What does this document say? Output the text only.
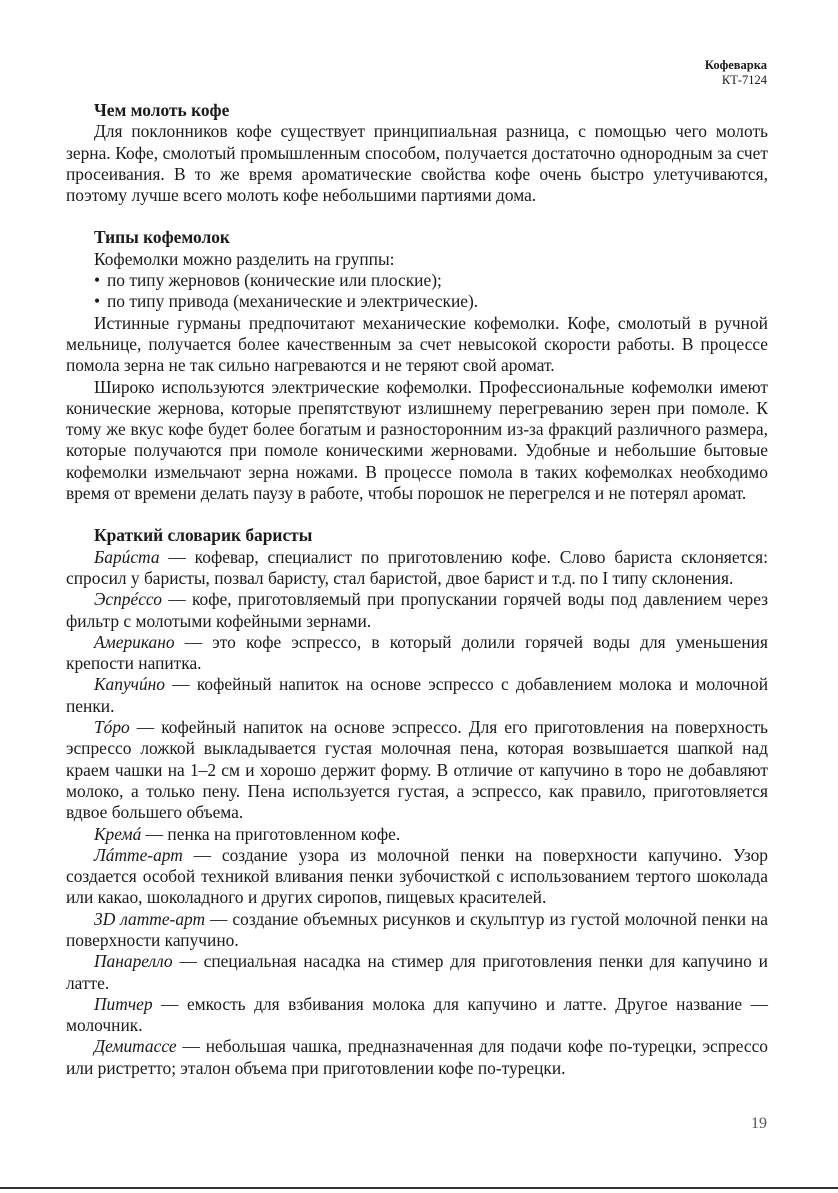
Кофеварка
КТ-7124
Чем молоть кофе

Для поклонников кофе существует принципиальная разница, с помощью чего молоть зерна. Кофе, смолотый промышленным способом, получается достаточно однородным за счет просеивания. В то же время ароматические свойства кофе очень быстро улетучиваются, поэтому лучше всего молоть кофе небольшими партиями дома.

Типы кофемолок

Кофемолки можно разделить на группы:

• по типу жерновов (конические или плоские);

• по типу привода (механические и электрические).

Истинные гурманы предпочитают механические кофемолки. Кофе, смолотый в ручной мельнице, получается более качественным за счет невысокой скорости работы. В процессе помола зерна не так сильно нагреваются и не теряют свой аромат.

Широко используются электрические кофемолки. Профессиональные кофемолки имеют конические жернова, которые препятствуют излишнему перегреванию зерен при помоле. К тому же вкус кофе будет более богатым и разносторонним из-за фракций различного размера, которые получаются при помоле коническими жерновами. Удобные и небольшие бытовые кофемолки измельчают зерна ножами. В процессе помола в таких кофемолках необходимо время от времени делать паузу в работе, чтобы порошок не перегрелся и не потерял аромат.

Краткий словарик баристы

Барúста — кофевар, специалист по приготовлению кофе. Слово бариста склоняется: спросил у баристы, позвал баристу, стал баристой, двое барист и т.д. по I типу склонения.

Эспрéссо — кофе, приготовляемый при пропускании горячей воды под давлением через фильтр с молотыми кофейными зернами.

Американо — это кофе эспрессо, в который долили горячей воды для уменьшения крепости напитка.

Капучúно — кофейный напиток на основе эспрессо с добавлением молока и молочной пенки.

Тóро — кофейный напиток на основе эспрессо. Для его приготовления на поверхность эспрессо ложкой выкладывается густая молочная пена, которая возвышается шапкой над краем чашки на 1–2 см и хорошо держит форму. В отличие от капучино в торо не добавляют молоко, а только пену. Пена используется густая, а эспрессо, как правило, приготовляется вдвое большего объема.

Кремá — пенка на приготовленном кофе.

Лáтте-арт — создание узора из молочной пенки на поверхности капучино. Узор создается особой техникой вливания пенки зубочисткой с использованием тертого шоколада или какао, шоколадного и других сиропов, пищевых красителей.

3D латте-арт — создание объемных рисунков и скульптур из густой молочной пенки на поверхности капучино.

Панарелло — специальная насадка на стимер для приготовления пенки для капучино и латте.

Питчер — емкость для взбивания молока для капучино и латте. Другое название — молочник.

Демитассе — небольшая чашка, предназначенная для подачи кофе по-турецки, эспрессо или ристретто; эталон объема при приготовлении кофе по-турецки.

19
